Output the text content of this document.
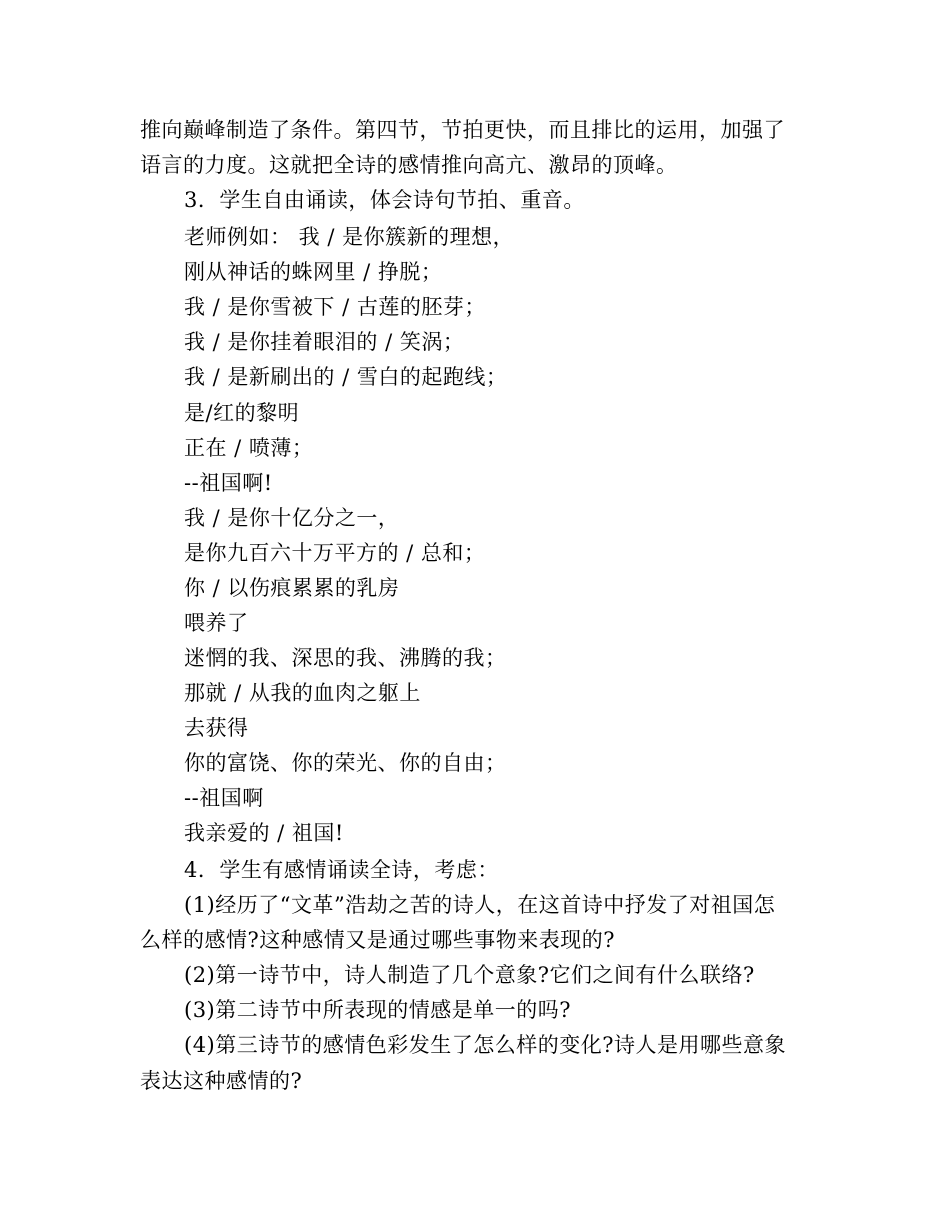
推向巅峰制造了条件。第四节，节拍更快，而且排比的运用，加强了
语言的力度。这就把全诗的感情推向高亢、激昂的顶峰。
3．学生自由诵读，体会诗句节拍、重音。
老师例如： 我 / 是你簇新的理想，
刚从神话的蛛网里 / 挣脱；
我 / 是你雪被下 / 古莲的胚芽；
我 / 是你挂着眼泪的 / 笑涡；
我 / 是新刷出的 / 雪白的起跑线；
是/红的黎明
正在 / 喷薄；
--祖国啊!
我 / 是你十亿分之一，
是你九百六十万平方的 / 总和；
你 / 以伤痕累累的乳房
喂养了
迷惘的我、深思的我、沸腾的我；
那就 / 从我的血肉之躯上
去获得
你的富饶、你的荣光、你的自由；
--祖国啊
我亲爱的 / 祖国!
4．学生有感情诵读全诗，考虑：
(1)经历了“文革”浩劫之苦的诗人，在这首诗中抒发了对祖国怎
么样的感情?这种感情又是通过哪些事物来表现的?
(2)第一诗节中，诗人制造了几个意象?它们之间有什么联络?
(3)第二诗节中所表现的情感是单一的吗?
(4)第三诗节的感情色彩发生了怎么样的变化?诗人是用哪些意象
表达这种感情的?
